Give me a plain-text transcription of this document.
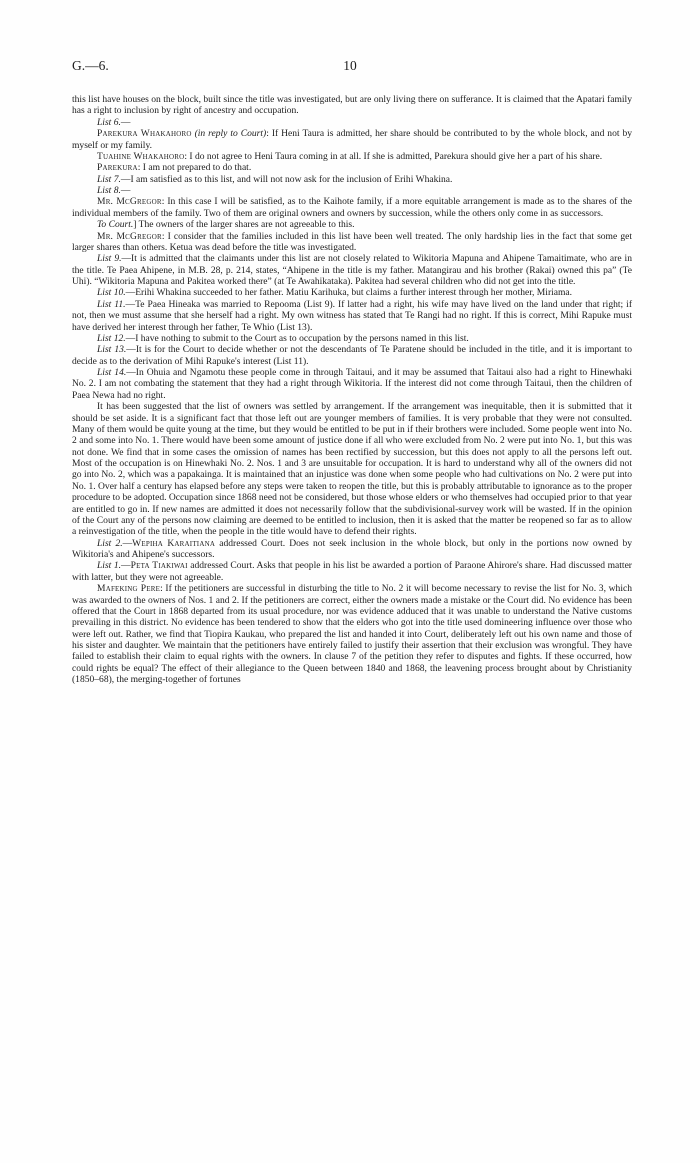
G.—6.	10

this list have houses on the block, built since the title was investigated, but are only living there on sufferance. It is claimed that the Apatari family has a right to inclusion by right of ancestry and occupation.

List 6.—

Parekura Whakahoro (in reply to Court): If Heni Taura is admitted, her share should be contributed to by the whole block, and not by myself or my family.

Tuahine Whakahoro: I do not agree to Heni Taura coming in at all. If she is admitted, Parekura should give her a part of his share.

Parekura: I am not prepared to do that.

List 7.—I am satisfied as to this list, and will not now ask for the inclusion of Erihi Whakina.

List 8.—

Mr. McGregor: In this case I will be satisfied, as to the Kaihote family, if a more equitable arrangement is made as to the shares of the individual members of the family. Two of them are original owners and owners by succession, while the others only come in as successors.

To Court.] The owners of the larger shares are not agreeable to this.

Mr. McGregor: I consider that the families included in this list have been well treated. The only hardship lies in the fact that some get larger shares than others. Ketua was dead before the title was investigated.

List 9.—It is admitted that the claimants under this list are not closely related to Wikitoria Mapuna and Ahipene Tamaitimate, who are in the title. Te Paea Ahipene, in M.B. 28, p. 214, states, “Ahipene in the title is my father. Matangirau and his brother (Rakai) owned this pa” (Te Uhi). “Wikitoria Mapuna and Pakitea worked there” (at Te Awahikataka). Pakitea had several children who did not get into the title.

List 10.—Erihi Whakina succeeded to her father. Matiu Karihuka, but claims a further interest through her mother, Miriama.

List 11.—Te Paea Hineaka was married to Repooma (List 9). If latter had a right, his wife may have lived on the land under that right; if not, then we must assume that she herself had a right. My own witness has stated that Te Rangi had no right. If this is correct, Mihi Rapuke must have derived her interest through her father, Te Whio (List 13).

List 12.—I have nothing to submit to the Court as to occupation by the persons named in this list.

List 13.—It is for the Court to decide whether or not the descendants of Te Paratene should be included in the title, and it is important to decide as to the derivation of Mihi Rapuke's interest (List 11).

List 14.—In Ohuia and Ngamotu these people come in through Taitaui, and it may be assumed that Taitaui also had a right to Hinewhaki No. 2. I am not combating the statement that they had a right through Wikitoria. If the interest did not come through Taitaui, then the children of Paea Newa had no right.

It has been suggested that the list of owners was settled by arrangement. If the arrangement was inequitable, then it is submitted that it should be set aside. It is a significant fact that those left out are younger members of families. It is very probable that they were not consulted. Many of them would be quite young at the time, but they would be entitled to be put in if their brothers were included. Some people went into No. 2 and some into No. 1. There would have been some amount of justice done if all who were excluded from No. 2 were put into No. 1, but this was not done. We find that in some cases the omission of names has been rectified by succession, but this does not apply to all the persons left out. Most of the occupation is on Hinewhaki No. 2. Nos. 1 and 3 are unsuitable for occupation. It is hard to understand why all of the owners did not go into No. 2, which was a papakainga. It is maintained that an injustice was done when some people who had cultivations on No. 2 were put into No. 1. Over half a century has elapsed before any steps were taken to reopen the title, but this is probably attributable to ignorance as to the proper procedure to be adopted. Occupation since 1868 need not be considered, but those whose elders or who themselves had occupied prior to that year are entitled to go in. If new names are admitted it does not necessarily follow that the subdivisional-survey work will be wasted. If in the opinion of the Court any of the persons now claiming are deemed to be entitled to inclusion, then it is asked that the matter be reopened so far as to allow a reinvestigation of the title, when the people in the title would have to defend their rights.

List 2.—Wepiha Karaitiana addressed Court. Does not seek inclusion in the whole block, but only in the portions now owned by Wikitoria's and Ahipene's successors.

List 1.—Peta Tiakiwai addressed Court. Asks that people in his list be awarded a portion of Paraone Ahirore's share. Had discussed matter with latter, but they were not agreeable.

Mafeking Pere: If the petitioners are successful in disturbing the title to No. 2 it will become necessary to revise the list for No. 3, which was awarded to the owners of Nos. 1 and 2. If the petitioners are correct, either the owners made a mistake or the Court did. No evidence has been offered that the Court in 1868 departed from its usual procedure, nor was evidence adduced that it was unable to understand the Native customs prevailing in this district. No evidence has been tendered to show that the elders who got into the title used domineering influence over those who were left out. Rather, we find that Tiopira Kaukau, who prepared the list and handed it into Court, deliberately left out his own name and those of his sister and daughter. We maintain that the petitioners have entirely failed to justify their assertion that their exclusion was wrongful. They have failed to establish their claim to equal rights with the owners. In clause 7 of the petition they refer to disputes and fights. If these occurred, how could rights be equal? The effect of their allegiance to the Queen between 1840 and 1868, the leavening process brought about by Christianity (1850–68), the merging-together of fortunes
